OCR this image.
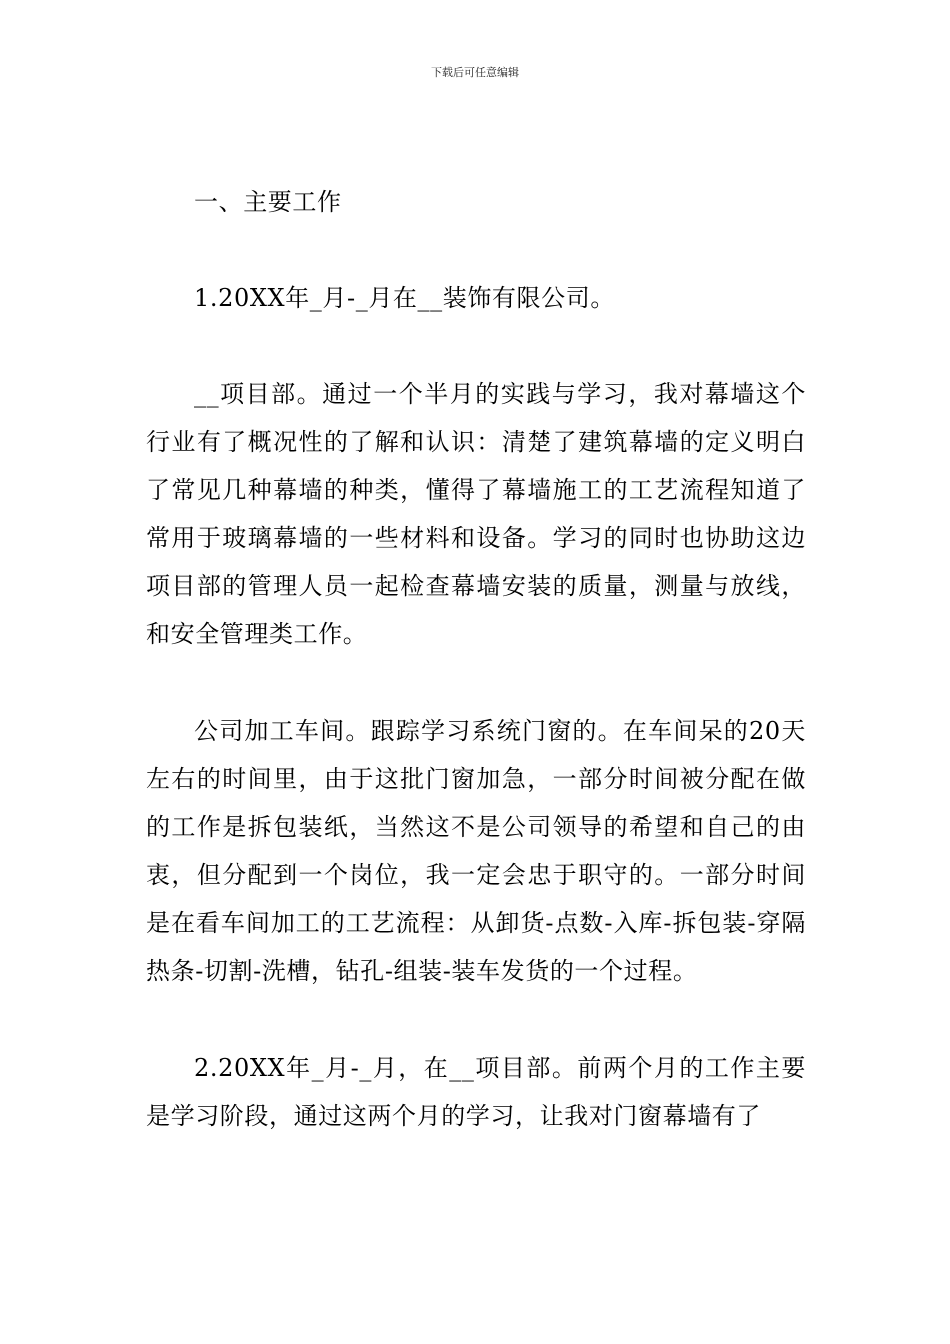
下载后可任意编辑

一、主要工作

1.20XX年_月-_月在__装饰有限公司。

__项目部。通过一个半月的实践与学习，我对幕墙这个行业有了概况性的了解和认识：清楚了建筑幕墙的定义明白了常见几种幕墙的种类，懂得了幕墙施工的工艺流程知道了常用于玻璃幕墙的一些材料和设备。学习的同时也协助这边项目部的管理人员一起检查幕墙安装的质量，测量与放线，和安全管理类工作。

公司加工车间。跟踪学习系统门窗的。在车间呆的20天左右的时间里，由于这批门窗加急，一部分时间被分配在做的工作是拆包装纸，当然这不是公司领导的希望和自己的由衷，但分配到一个岗位，我一定会忠于职守的。一部分时间是在看车间加工的工艺流程：从卸货-点数-入库-拆包装-穿隔热条-切割-洗槽，钻孔-组装-装车发货的一个过程。

2.20XX年_月-_月，在__项目部。前两个月的工作主要是学习阶段，通过这两个月的学习，让我对门窗幕墙有了
